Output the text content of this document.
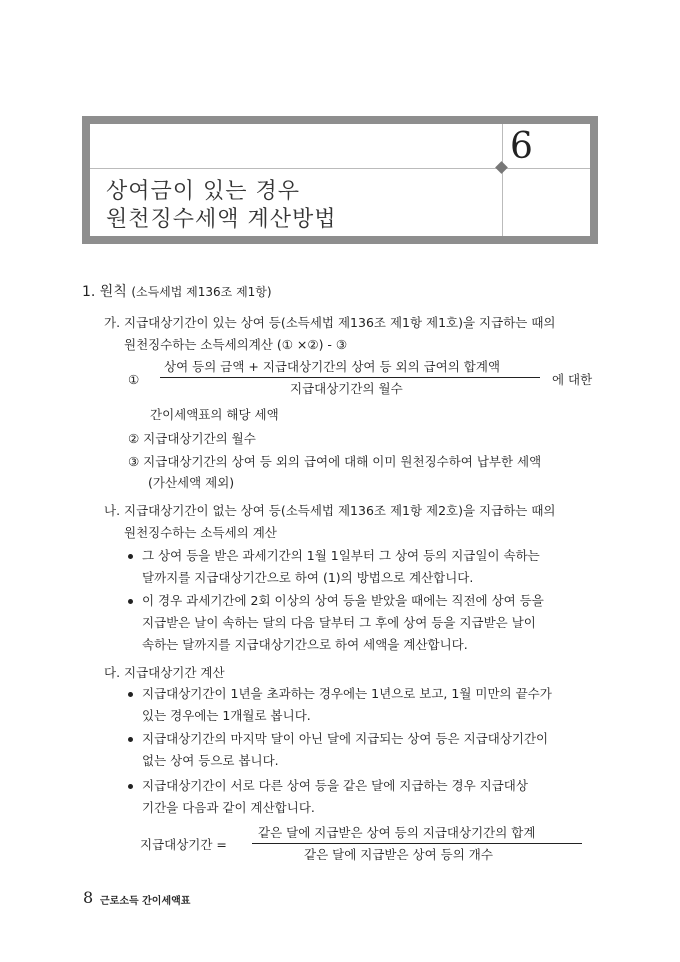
6
상여금이 있는 경우
원천징수세액 계산방법
1. 원칙 (소득세법 제136조 제1항)
가. 지급대상기간이 있는 상여 등(소득세법 제136조 제1항 제1호)을 지급하는 때의
원천징수하는 소득세의계산 (① ×②) - ③
①
상여 등의 금액 + 지급대상기간의 상여 등 외의 급여의 합계액
지급대상기간의 월수
에 대한
간이세액표의 해당 세액
② 지급대상기간의 월수
③ 지급대상기간의 상여 등 외의 급여에 대해 이미 원천징수하여 납부한 세액
(가산세액 제외)
나. 지급대상기간이 없는 상여 등(소득세법 제136조 제1항 제2호)을 지급하는 때의
원천징수하는 소득세의 계산
그 상여 등을 받은 과세기간의 1월 1일부터 그 상여 등의 지급일이 속하는
달까지를 지급대상기간으로 하여 (1)의 방법으로 계산합니다.
이 경우 과세기간에 2회 이상의 상여 등을 받았을 때에는 직전에 상여 등을
지급받은 날이 속하는 달의 다음 달부터 그 후에 상여 등을 지급받은 날이
속하는 달까지를 지급대상기간으로 하여 세액을 계산합니다.
다. 지급대상기간 계산
지급대상기간이 1년을 초과하는 경우에는 1년으로 보고, 1월 미만의 끝수가
있는 경우에는 1개월로 봅니다.
지급대상기간의 마지막 달이 아닌 달에 지급되는 상여 등은 지급대상기간이
없는 상여 등으로 봅니다.
지급대상기간이 서로 다른 상여 등을 같은 달에 지급하는 경우 지급대상
기간을 다음과 같이 계산합니다.
지급대상기간 =
같은 달에 지급받은 상여 등의 지급대상기간의 합계
같은 달에 지급받은 상여 등의 개수
8 근로소득 간이세액표
